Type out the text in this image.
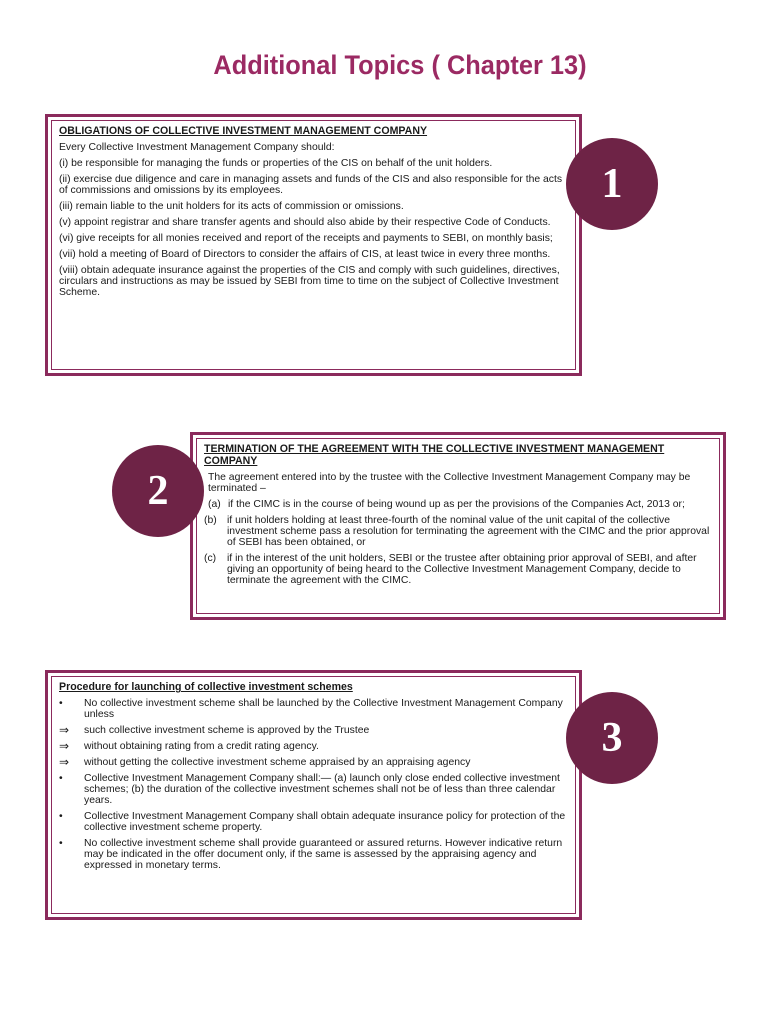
Additional Topics ( Chapter 13)
OBLIGATIONS OF COLLECTIVE INVESTMENT MANAGEMENT COMPANY
Every Collective Investment Management Company should:
(i) be responsible for managing the funds or properties of the CIS on behalf of the unit holders.
(ii) exercise due diligence and care in managing assets and funds of the CIS and also responsible for the acts of commissions and omissions by its employees.
(iii) remain liable to the unit holders for its acts of commission or omissions.
(v) appoint registrar and share transfer agents and should also abide by their respective Code of Conducts.
(vi) give receipts for all monies received and report of the receipts and payments to SEBI, on monthly basis;
(vii) hold a meeting of Board of Directors to consider the affairs of CIS, at least twice in every three months.
(viii) obtain adequate insurance against the properties of the CIS and comply with such guidelines, directives, circulars and instructions as may be issued by SEBI from time to time on the subject of Collective Investment Scheme.
1
TERMINATION OF THE AGREEMENT WITH THE COLLECTIVE INVESTMENT MANAGEMENT COMPANY
The agreement entered into by the trustee with the Collective Investment Management Company may be terminated –
(a) if the CIMC is in the course of being wound up as per the provisions of the Companies Act, 2013 or;
(b) if unit holders holding at least three-fourth of the nominal value of the unit capital of the collective investment scheme pass a resolution for terminating the agreement with the CIMC and the prior approval of SEBI has been obtained, or
(c)	if in the interest of the unit holders, SEBI or the trustee after obtaining prior approval of SEBI, and after giving an opportunity of being heard to the Collective Investment Management Company, decide to terminate the agreement with the CIMC.
2
Procedure for launching of collective investment schemes
•	No collective investment scheme shall be launched by the Collective Investment Management Company unless
⇒	such collective investment scheme is approved by the Trustee
⇒	without obtaining rating from a credit rating agency.
⇒	without getting the collective investment scheme appraised by an appraising agency
•	Collective Investment Management Company shall:— (a) launch only close ended collective investment schemes; (b) the duration of the collective investment schemes shall not be of less than three calendar years.
•	Collective Investment Management Company shall obtain adequate insurance policy for protection of the collective investment scheme property.
•	No collective investment scheme shall provide guaranteed or assured returns. However indicative return may be indicated in the offer document only, if the same is assessed by the appraising agency and expressed in monetary terms.
3
